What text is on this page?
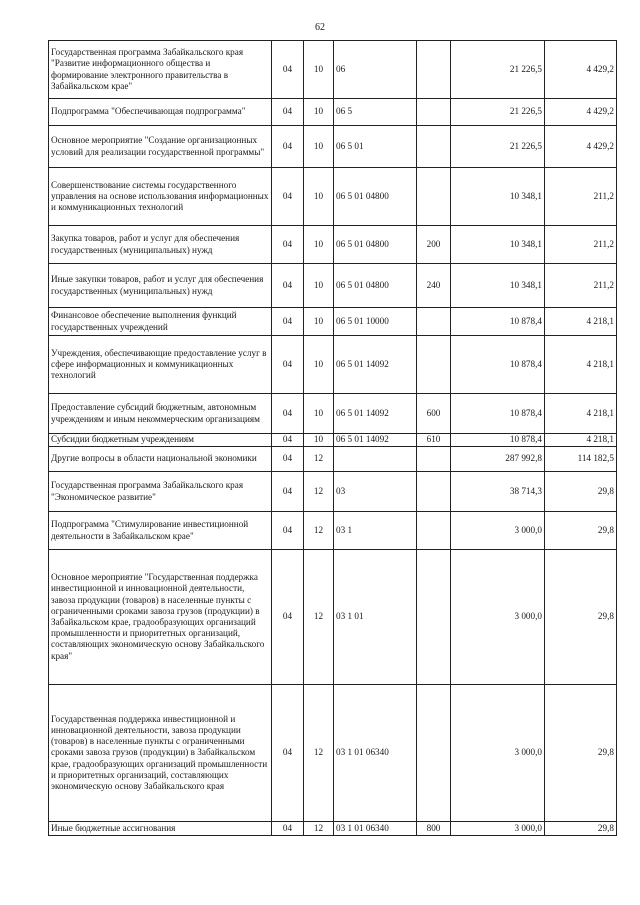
62
Государственная программа Забайкальского края "Развитие информационного общества и формирование электронного правительства в Забайкальском крае"	04	10	06		21 226,5	4 429,2
Подпрограмма "Обеспечивающая подпрограмма"	04	10	06 5		21 226,5	4 429,2
Основное мероприятие "Создание организационных условий для реализации государственной программы"	04	10	06 5 01		21 226,5	4 429,2
Совершенствование системы государственного управления на основе использования информационных и коммуникационных технологий	04	10	06 5 01 04800		10 348,1	211,2
Закупка товаров, работ и услуг для обеспечения государственных (муниципальных) нужд	04	10	06 5 01 04800	200	10 348,1	211,2
Иные закупки товаров, работ и услуг для обеспечения государственных (муниципальных) нужд	04	10	06 5 01 04800	240	10 348,1	211,2
Финансовое обеспечение выполнения функций государственных учреждений	04	10	06 5 01 10000		10 878,4	4 218,1
Учреждения, обеспечивающие предоставление услуг в сфере информационных и коммуникационных технологий	04	10	06 5 01 14092		10 878,4	4 218,1
Предоставление субсидий бюджетным, автономным учреждениям и иным некоммерческим организациям	04	10	06 5 01 14092	600	10 878,4	4 218,1
Субсидии бюджетным учреждениям	04	10	06 5 01 14092	610	10 878,4	4 218,1
Другие вопросы в области национальной экономики	04	12			287 992,8	114 182,5
Государственная программа Забайкальского края "Экономическое развитие"	04	12	03		38 714,3	29,8
Подпрограмма "Стимулирование инвестиционной деятельности в Забайкальском крае"	04	12	03 1		3 000,0	29,8
Основное мероприятие "Государственная поддержка инвестиционной и инновационной деятельности, завоза продукции (товаров) в населенные пункты с ограниченными сроками завоза грузов (продукции) в Забайкальском крае, градообразующих организаций промышленности и приоритетных организаций, составляющих экономическую основу Забайкальского края"	04	12	03 1 01		3 000,0	29,8
Государственная поддержка инвестиционной и инновационной деятельности, завоза продукции (товаров) в населенные пункты с ограниченными сроками завоза грузов (продукции) в Забайкальском крае, градообразующих организаций промышленности и приоритетных организаций, составляющих экономическую основу Забайкальского края	04	12	03 1 01 06340		3 000,0	29,8
Иные бюджетные ассигнования	04	12	03 1 01 06340	800	3 000,0	29,8
